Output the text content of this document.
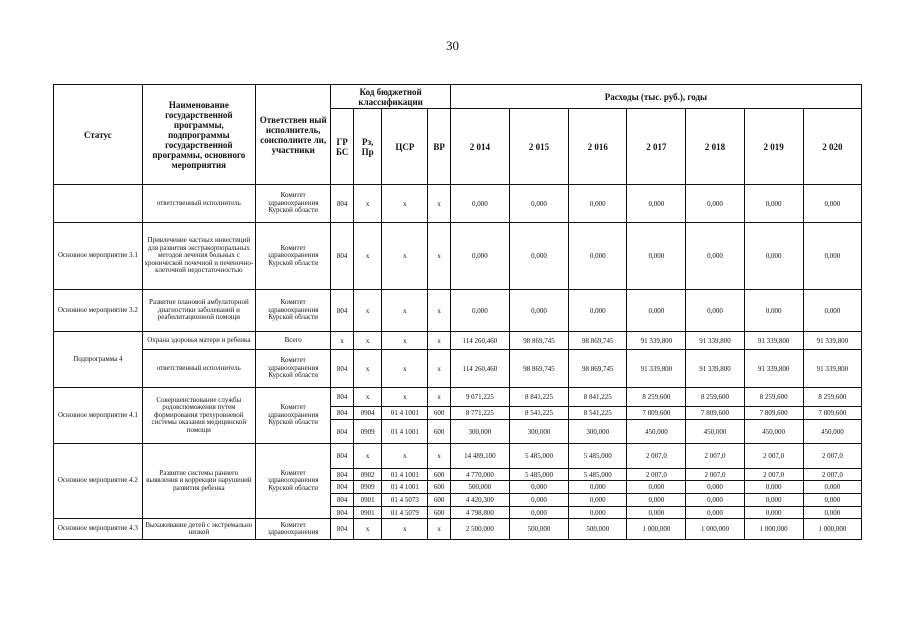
30
Статус	Наименование государственной программы, подпрограммы государственной программы, основного мероприятия	Ответствен ный исполнитель, соисполните ли, участники	Код бюджетной классификации				Расходы (тыс. руб.), годы						
			ГР БС	Рз, Пр	ЦСР	ВР	2 014	2 015	2 016	2 017	2 018	2 019	2 020
	ответственный исполнитель	Комитет здравоохранения Курской области	804	х	х	х	0,000	0,000	0,000	0,000	0,000	0,000	0,000
Основное мероприятие 3.1	Привлечение частных инвестиций для развития экстракорпоральных методов лечения больных с хронической почечной и печеночно-клеточной недостаточностью	Комитет здравоохранения Курской области	804	х	х	х	0,000	0,000	0,000	0,000	0,000	0,000	0,000
Основное мероприятие 3.2	Развитие плановой амбулаторной диагностики заболеваний и реабилитационной помощи	Комитет здравоохранения Курской области	804	х	х	х	0,000	0,000	0,000	0,000	0,000	0,000	0,000
Подпрограмма 4	Охрана здоровья матери и ребенка	Всего	х	х	х	х	114 260,460	98 869,745	98 869,745	91 339,800	91 339,800	91 339,800	91 339,800
	ответственный исполнитель	Комитет здравоохранения Курской области	804	х	х	х	114 260,460	98 869,745	98 869,745	91 339,800	91 339,800	91 339,800	91 339,800
Основное мероприятие 4.1	Совершенствование службы родовспоможения путем формирования трехуровневой системы оказания медицинской помощи	Комитет здравоохранения Курской области	804	х	х	х	9 071,225	8 841,225	8 841,225	8 259,600	8 259,600	8 259,600	8 259,600
			804	0904	01 4 1001	600	8 771,225	8 541,225	8 541,225	7 809,600	7 809,600	7 809,600	7 809,600
			804	0909	01 4 1001	600	300,000	300,000	300,000	450,000	450,000	450,000	450,000
Основное мероприятие 4.2	Развитие системы раннего выявления и коррекции нарушений развития ребенка	Комитет здравоохранения Курской области	804	х	х	х	14 489,100	5 485,000	5 485,000	2 007,0	2 007,0	2 007,0	2 007,0
			804	0902	01 4 1001	600	4 770,000	5 485,000	5 485,000	2 007,0	2 007,0	2 007,0	2 007,0
			804	0909	01 4 1001	600	500,000	0,000	0,000	0,000	0,000	0,000	0,000
			804	0901	01 4 5073	600	4 420,300	0,000	0,000	0,000	0,000	0,000	0,000
			804	0901	01 4 5079	600	4 798,800	0,000	0,000	0,000	0,000	0,000	0,000
Основное мероприятие 4.3	Выхаживание детей с экстремально низкой	Комитет здравоохранения	804	х	х	х	2 500,000	500,000	500,000	1 000,000	1 000,000	1 000,000	1 000,000
